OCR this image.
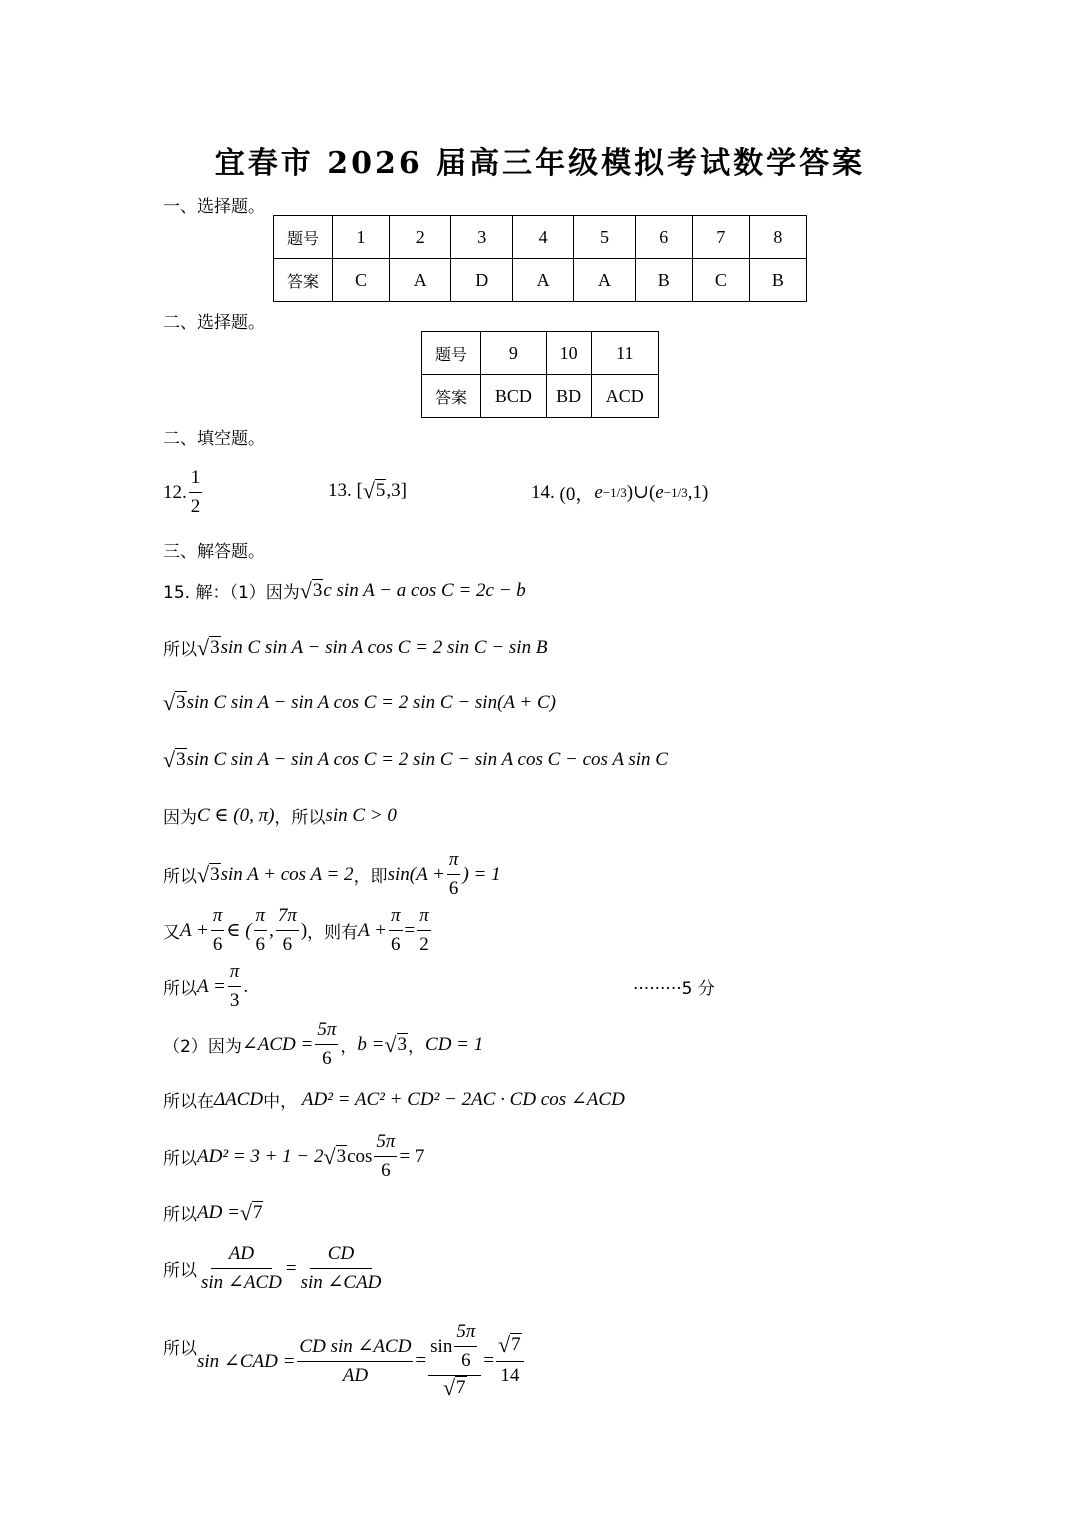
宜春市 2026 届高三年级模拟考试数学答案
一、选择题。
题号	1	2	3	4	5	6	7	8
答案	C	A	D	A	A	B	C	B
二、选择题。
题号	9	10	11
答案	BCD	BD	ACD
二、填空题。
12. $\frac{1}{2}$	13.
[ √ 5 ,3]	14.
(0， e −1/3 )∪( e −1/3 ,1)
三、解答题。
15. 解：（1）因为 √ 3 c sin A − a cos C = 2c − b
所以 √ 3 sin C sin A − sin A cos C = 2 sin C − sin B
√ 3 sin C sin A − sin A cos C = 2 sin C − sin(A + C)
√ 3 sin C sin A − sin A cos C = 2 sin C − sin A cos C − cos A sin C
因为 C ∈ (0, π) ，所以 sin C > 0
所以 √ 3 sin A + cos A = 2 ，即 $\sin(A + \frac{\pi}{6}$ ) = 1
又 $A + \frac{\pi}{6}$ ∈ ( $\frac{\pi}{6}$ , $\frac{7\pi}{6}$ ) ，则有 $A + \frac{\pi}{6} = \frac{\pi}{2}$
所以 $A = \frac{\pi}{3}$ .	·········5 分
（2）因为 ∠ACD = $\frac{5\pi}{6}$ ， b = √ 3 ， CD = 1
所以在 ΔACD 中，
AD² = AC² + CD² − 2AC · CD cos ∠ACD
所以 AD² = 3 + 1 − 2 √ 3 $\cos \frac{5\pi}{6} = 7$
所以 AD = √ 7
所以 $\frac{AD}{\text{sin ∠ACD}} = \frac{CD}{\text{sin ∠CAD}}$
所以
sin ∠CAD = $\frac{\text{CD sin ∠ACD}}{AD} = \frac{\sin \frac{5\pi}{6}}{√ 7} = \frac{√ 7}{14}$
